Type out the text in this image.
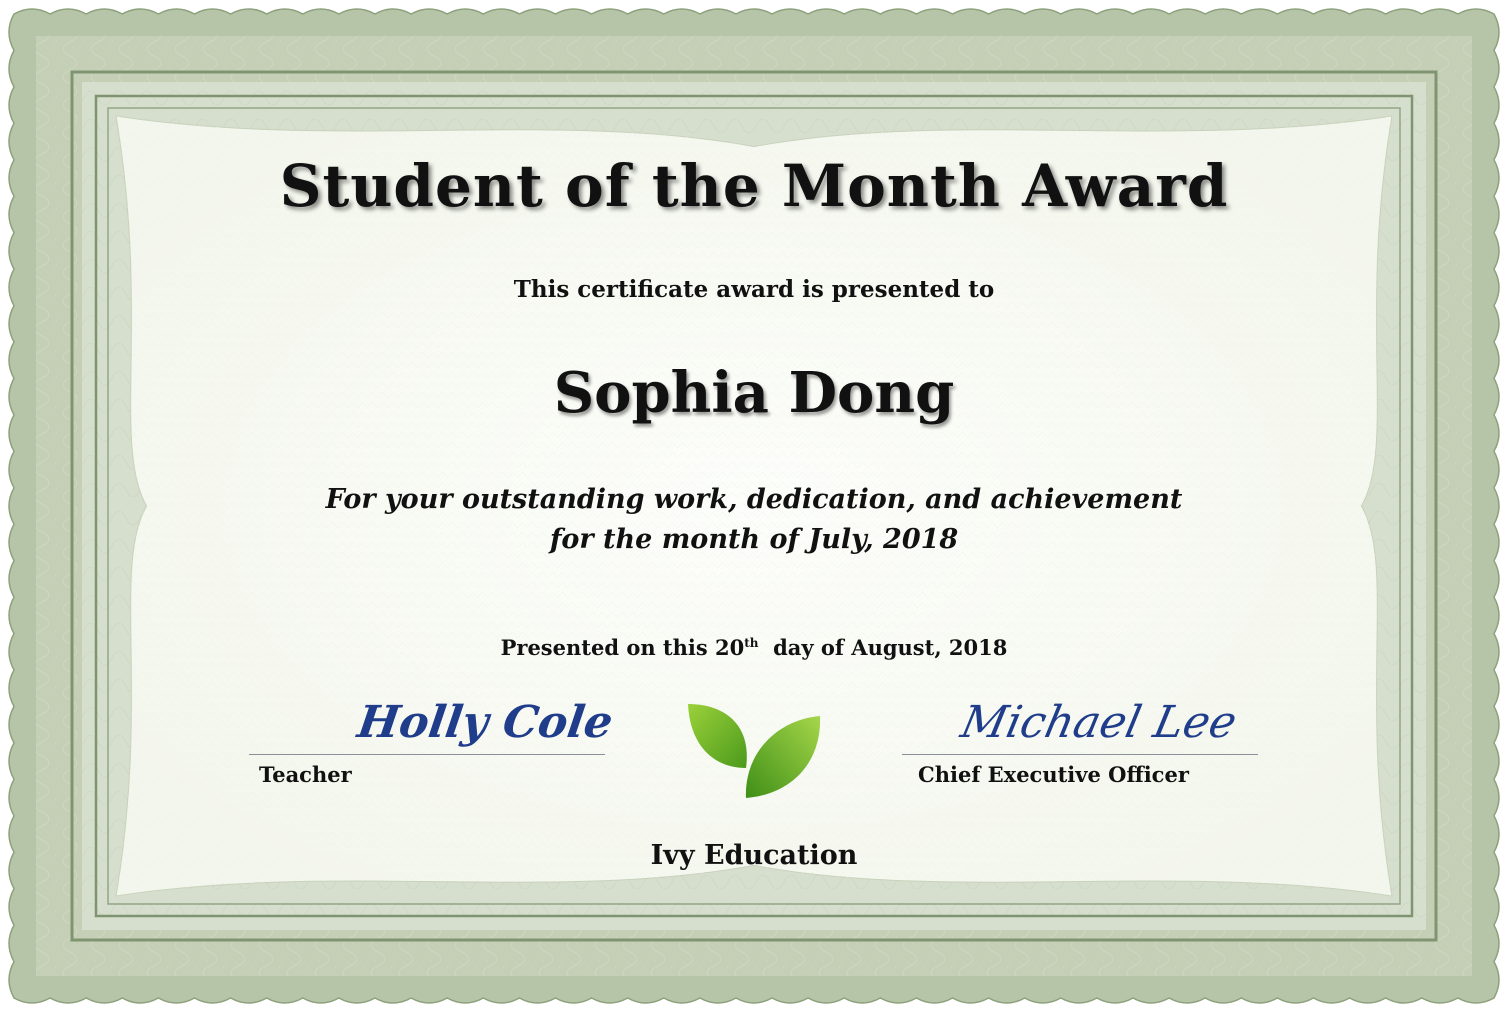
Student of the Month Award
This certificate award is presented to
Sophia Dong
For your outstanding work, dedication, and achievement
for the month of July, 2018
Presented on this 20th  day of August, 2018
Holly Cole
Teacher
Michael Lee
Chief Executive Officer
Ivy Education
